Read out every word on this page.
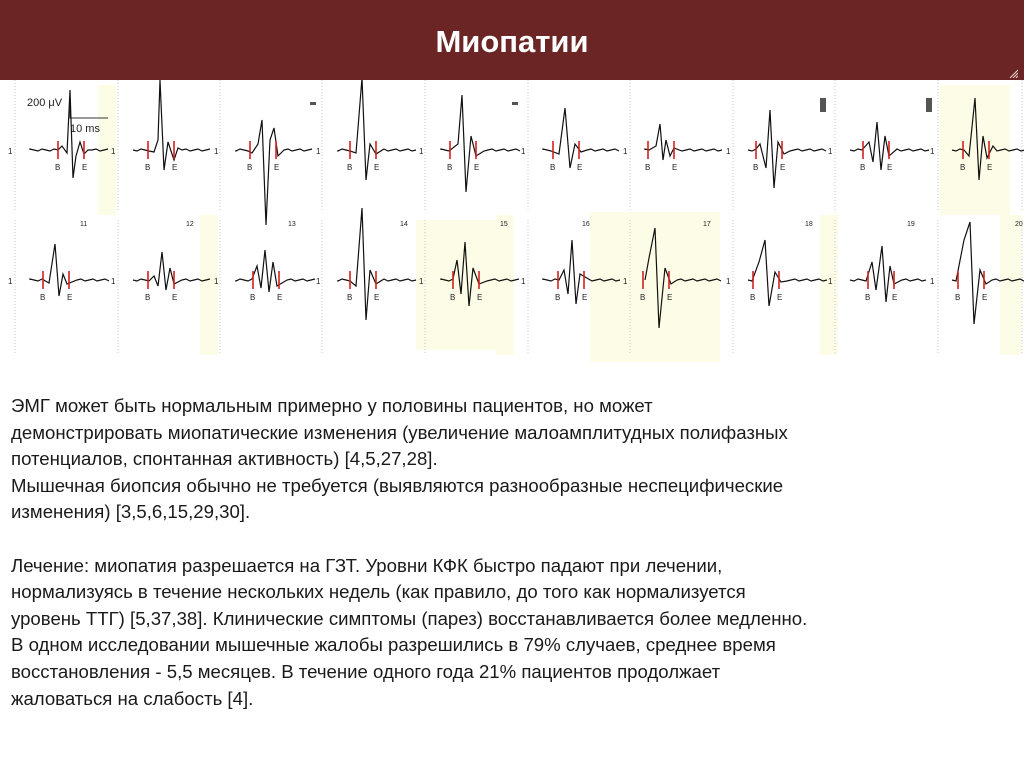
Миопатии
200 μV
10 ms
1
B	E
1
B	E
1
B	E
1
B	E
1
B	E
1
B	E
1
B	E
1
B	E
1
B	E
1
B	E
1
B	E
1
B	E
1
B	E
1
B	E
1
B	E
1
B	E
1
B	E
1
B	E
1
B	E
1
B	E
11	12	13	14	15	16	17	18	19	20

ЭМГ может быть нормальным примерно у половины пациентов, но может

демонстрировать миопатические изменения (увеличение малоамплитудных полифазных

потенциалов, спонтанная активность) [4,5,27,28].

Мышечная биопсия обычно не требуется (выявляются разнообразные неспецифические

изменения) [3,5,6,15,29,30].

Лечение: миопатия разрешается на ГЗТ. Уровни КФК быстро падают при лечении,

нормализуясь в течение нескольких недель (как правило, до того как нормализуется

уровень ТТГ) [5,37,38]. Клинические симптомы (парез) восстанавливается более медленно.

В одном исследовании мышечные жалобы разрешились в 79% случаев, среднее время

восстановления - 5,5 месяцев. В течение одного года 21% пациентов продолжает

жаловаться на слабость [4].
